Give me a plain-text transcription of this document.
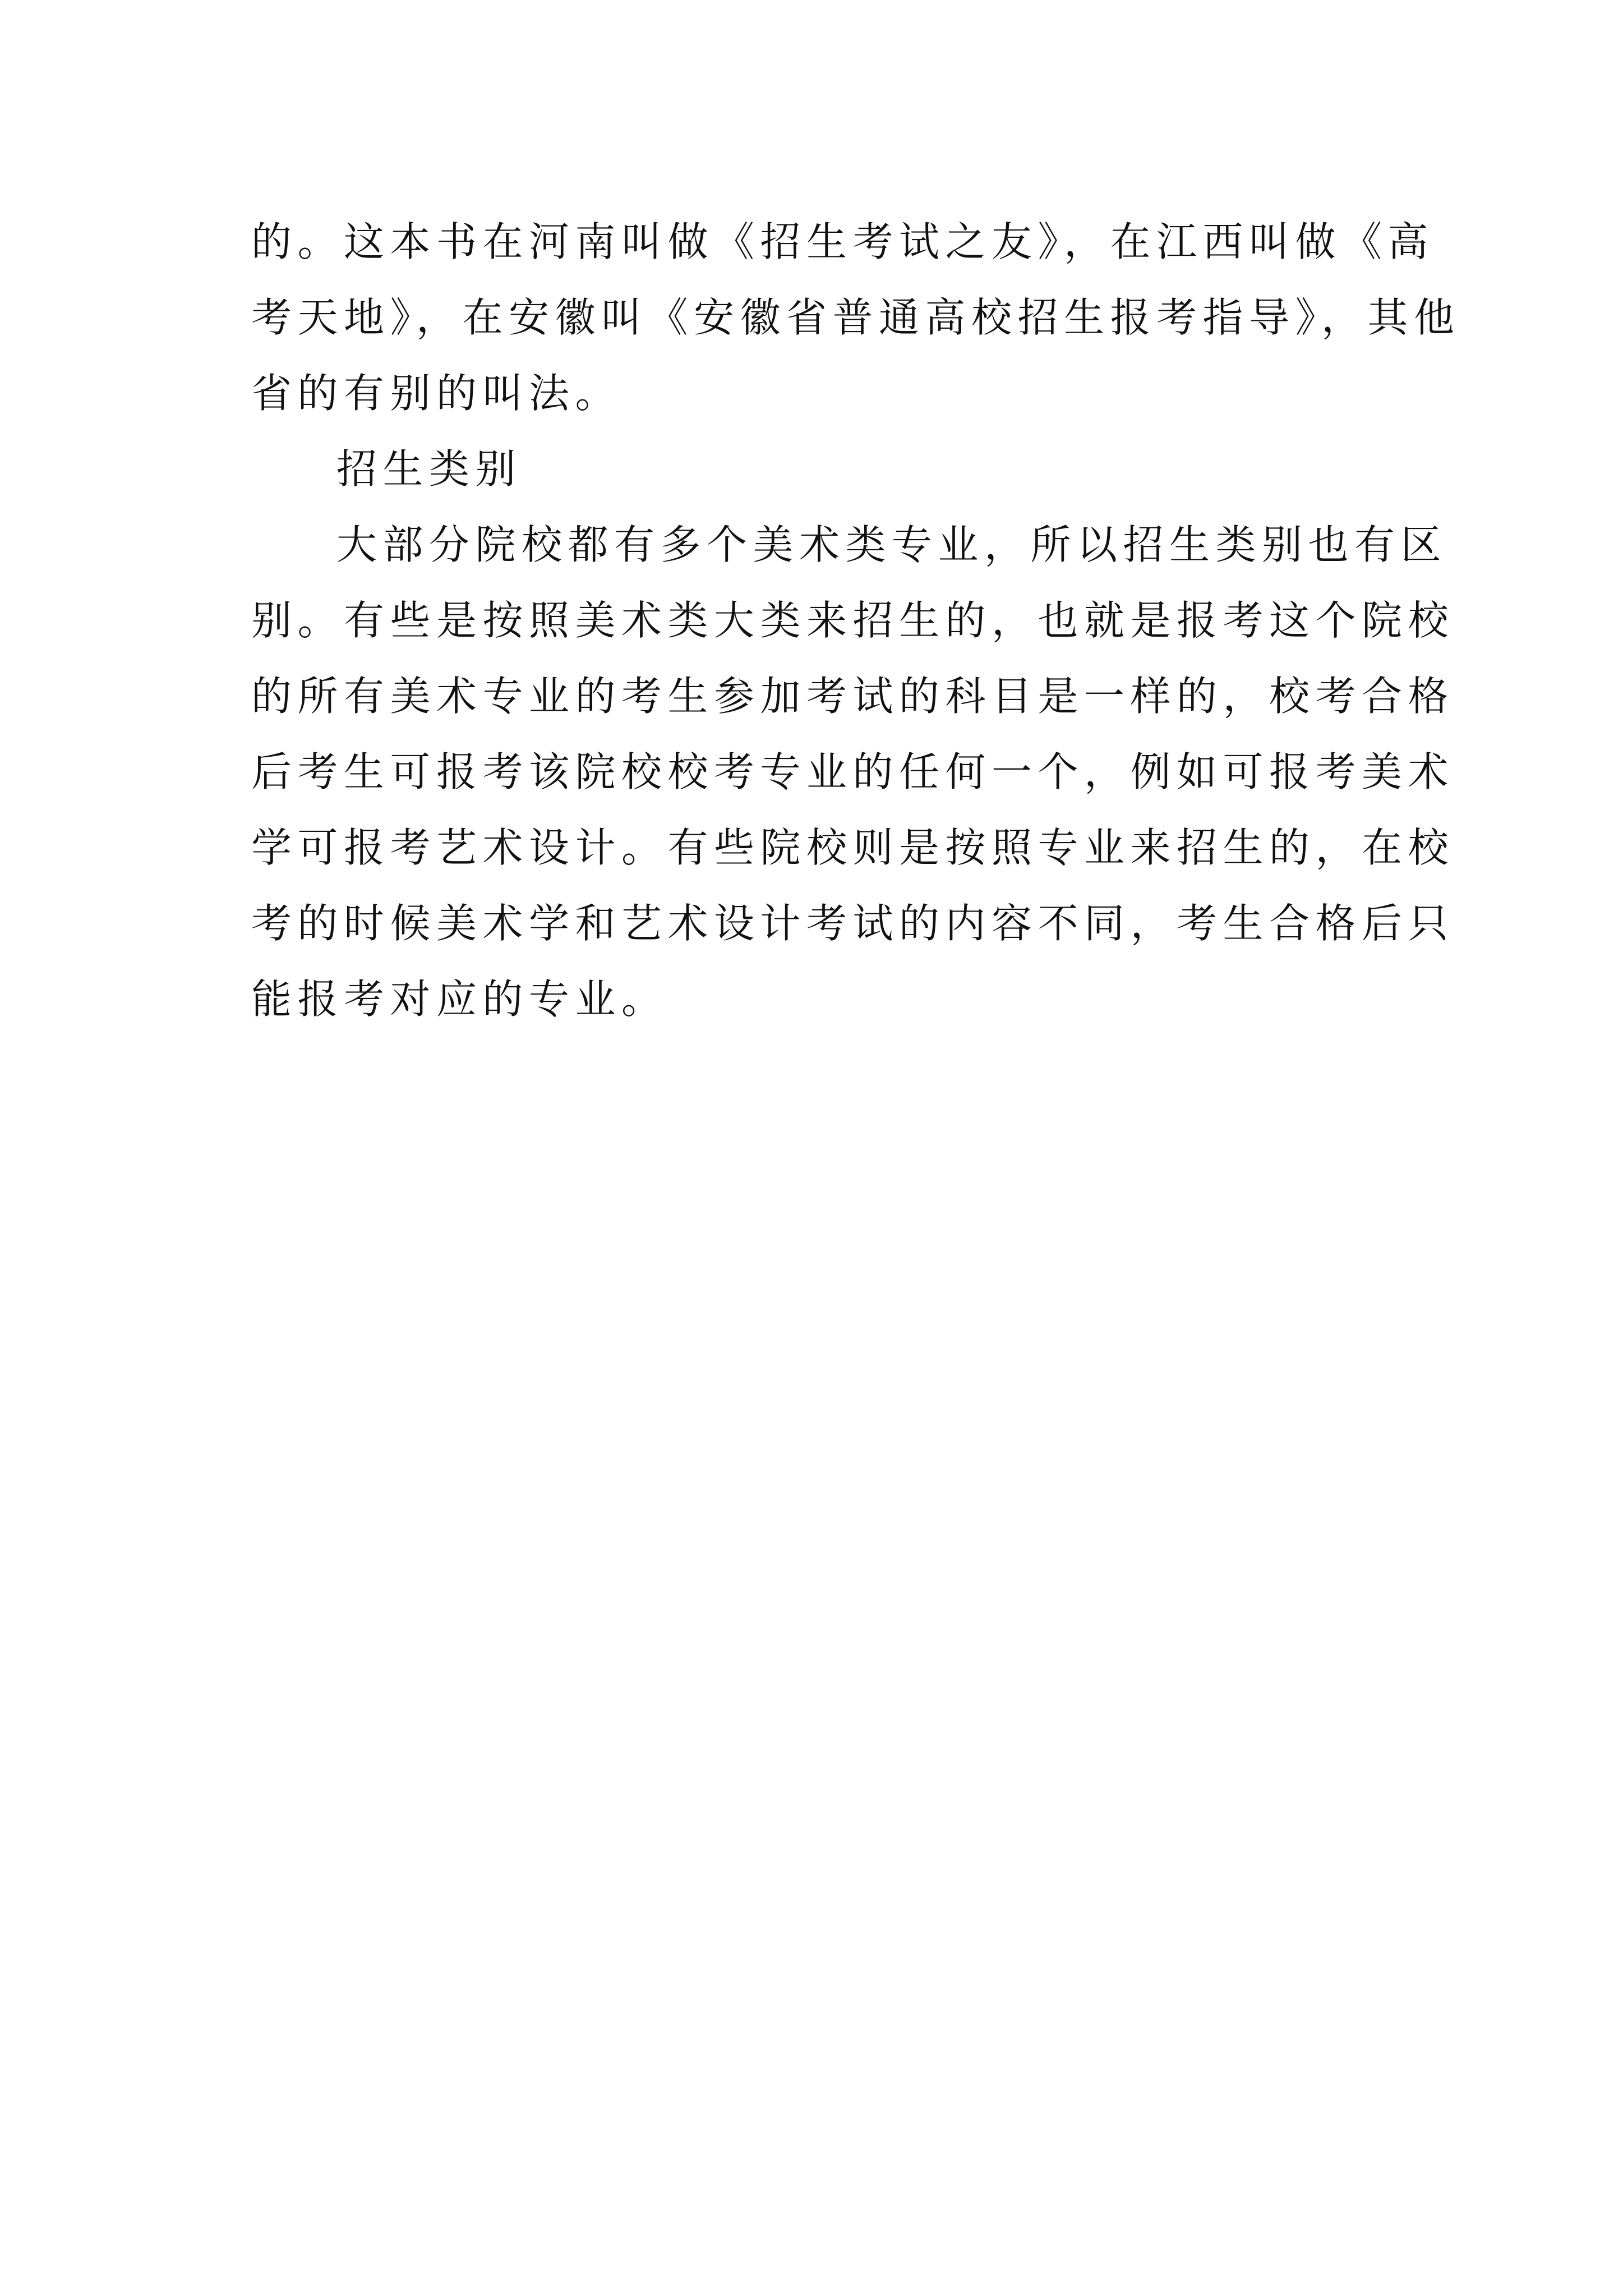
的。这本书在河南叫做《招生考试之友》，在江西叫做《高
考天地》，在安徽叫《安徽省普通高校招生报考指导》，其他
省的有别的叫法。

招生类别

大部分院校都有多个美术类专业，所以招生类别也有区
别。有些是按照美术类大类来招生的，也就是报考这个院校
的所有美术专业的考生参加考试的科目是一样的，校考合格
后考生可报考该院校校考专业的任何一个，例如可报考美术
学可报考艺术设计。有些院校则是按照专业来招生的，在校
考的时候美术学和艺术设计考试的内容不同，考生合格后只
能报考对应的专业。
